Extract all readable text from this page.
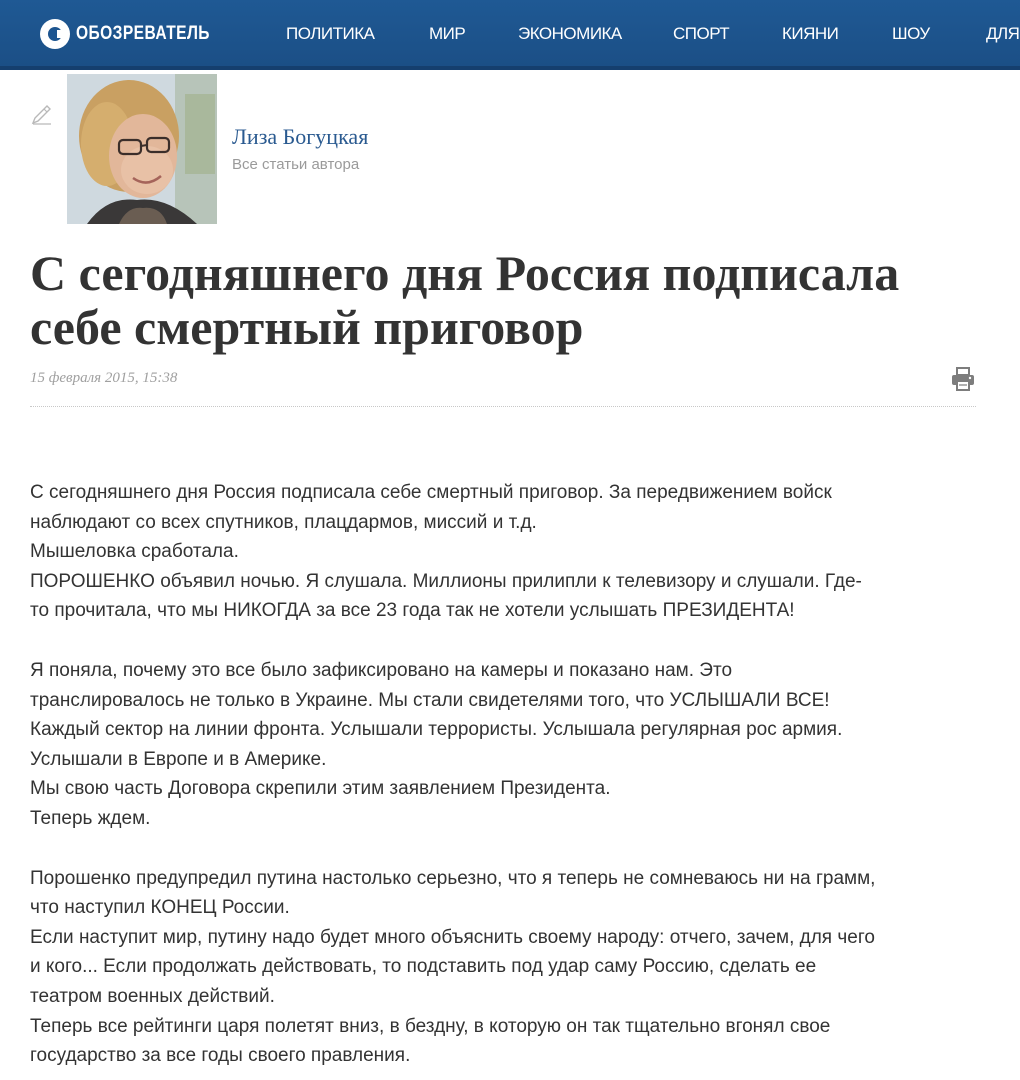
ОБОЗРЕВАТЕЛЬ	ПОЛИТИКА	МИР	ЭКОНОМИКА	СПОРТ	КИЯНИ	ШОУ	ДЛЯ
Лиза Богуцкая
Все статьи автора
С сегодняшнего дня Россия подписала себе смертный приговор
15 февраля 2015, 15:38

С сегодняшнего дня Россия подписала себе смертный приговор. За передвижением войск
наблюдают со всех спутников, плацдармов, миссий и т.д.
Мышеловка сработала.
ПОРОШЕНКО объявил ночью. Я слушала. Миллионы прилипли к телевизору и слушали. Где-
то прочитала, что мы НИКОГДА за все 23 года так не хотели услышать ПРЕЗИДЕНТА!

Я поняла, почему это все было зафиксировано на камеры и показано нам. Это
транслировалось не только в Украине. Мы стали свидетелями того, что УСЛЫШАЛИ ВСЕ!
Каждый сектор на линии фронта. Услышали террористы. Услышала регулярная рос армия.
Услышали в Европе и в Америке.
Мы свою часть Договора скрепили этим заявлением Президента.
Теперь ждем.

Порошенко предупредил путина настолько серьезно, что я теперь не сомневаюсь ни на грамм,
что наступил КОНЕЦ России.
Если наступит мир, путину надо будет много объяснить своему народу: отчего, зачем, для чего
и кого... Если продолжать действовать, то подставить под удар саму Россию, сделать ее
театром военных действий.
Теперь все рейтинги царя полетят вниз, в бездну, в которую он так тщательно вгонял свое
государство за все годы своего правления.
